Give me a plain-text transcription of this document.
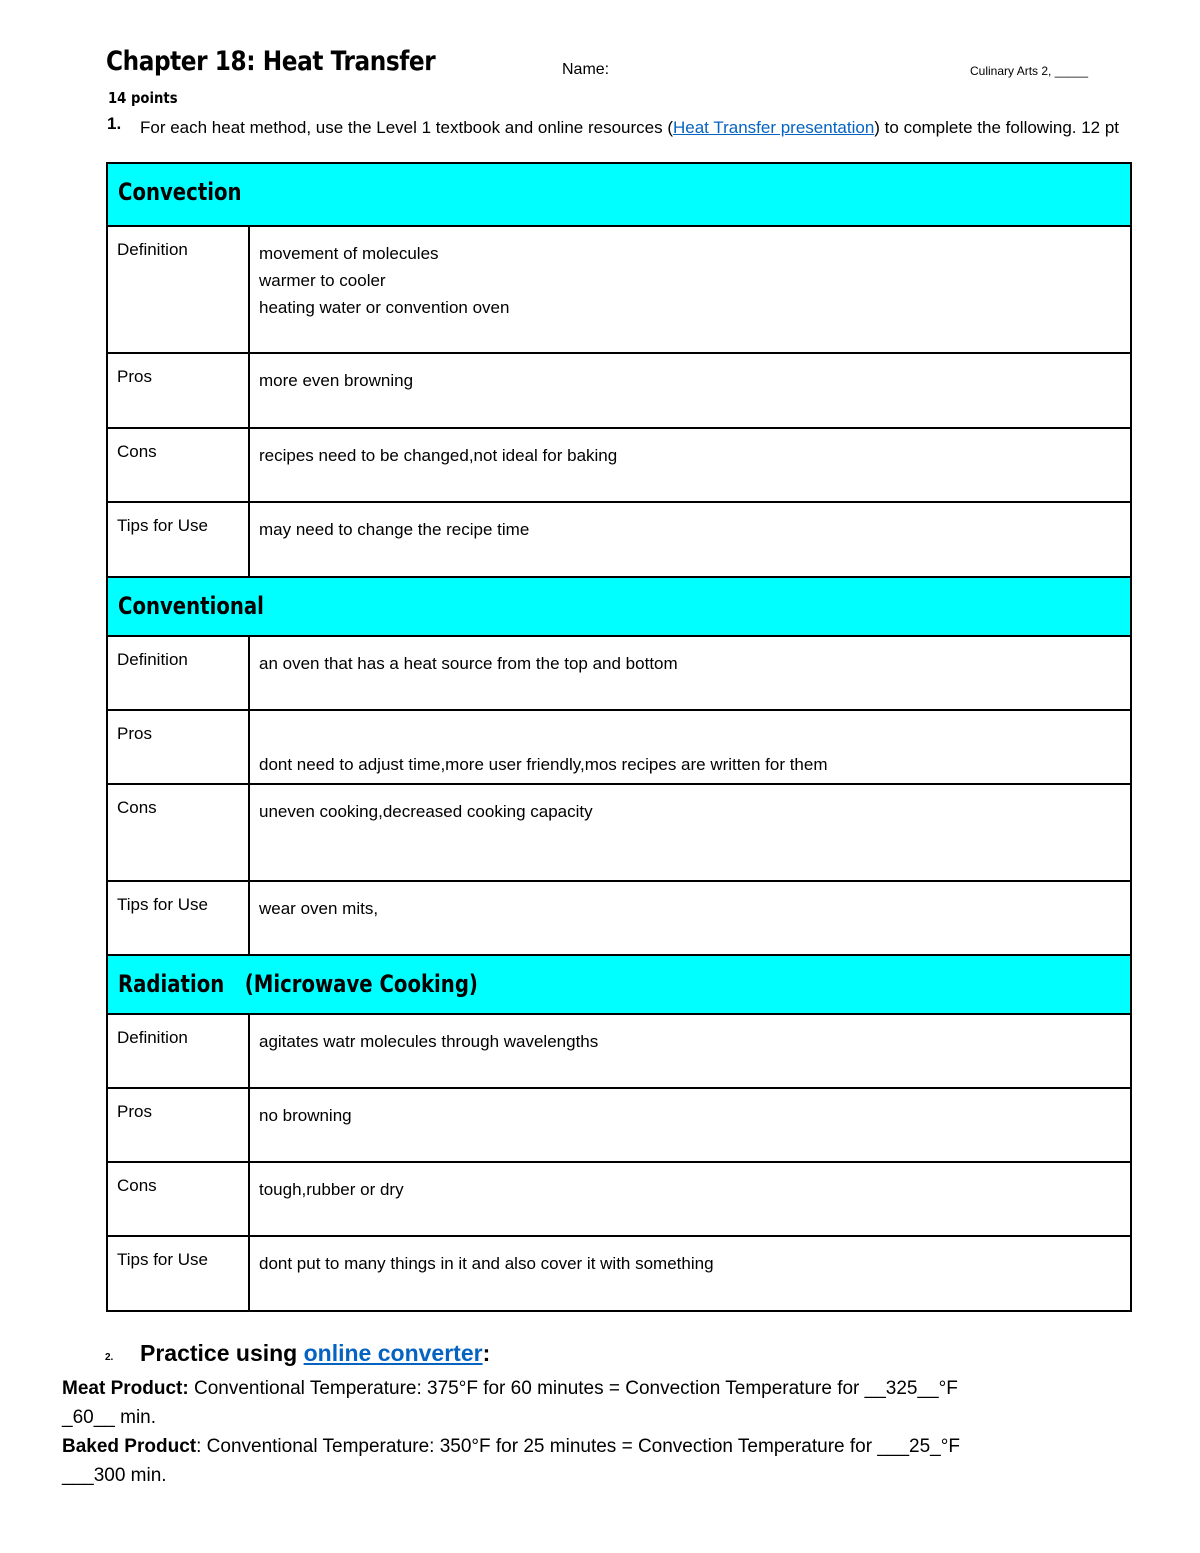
Chapter 18: Heat Transfer	Name:	Culinary Arts 2, _____
14 points
1. For each heat method, use the Level 1 textbook and online resources (Heat Transfer presentation) to complete the following. 12 pt
Convection	
Definition	movement of molecules
warmer to cooler
heating water or convention oven

Pros	more even browning

Cons	recipes need to be changed,not ideal for baking

Tips for Use	may need to change the recipe time

Conventional	
Definition	an oven that has a heat source from the top and bottom

Pros	dont need to adjust time,more user friendly,mos recipes are written for them

Cons	uneven cooking,decreased cooking capacity

Tips for Use	wear oven mits,

Radiation   (Microwave Cooking)	
Definition	agitates watr molecules through wavelengths

Pros	no browning

Cons	tough,rubber or dry

Tips for Use	dont put to many things in it and also cover it with something
2. Practice using online converter:
Meat Product: Conventional Temperature: 375°F for 60 minutes = Convection Temperature for __325__°F
_60__ min.
Baked Product: Conventional Temperature: 350°F for 25 minutes = Convection Temperature for ___25_°F
___300 min.
